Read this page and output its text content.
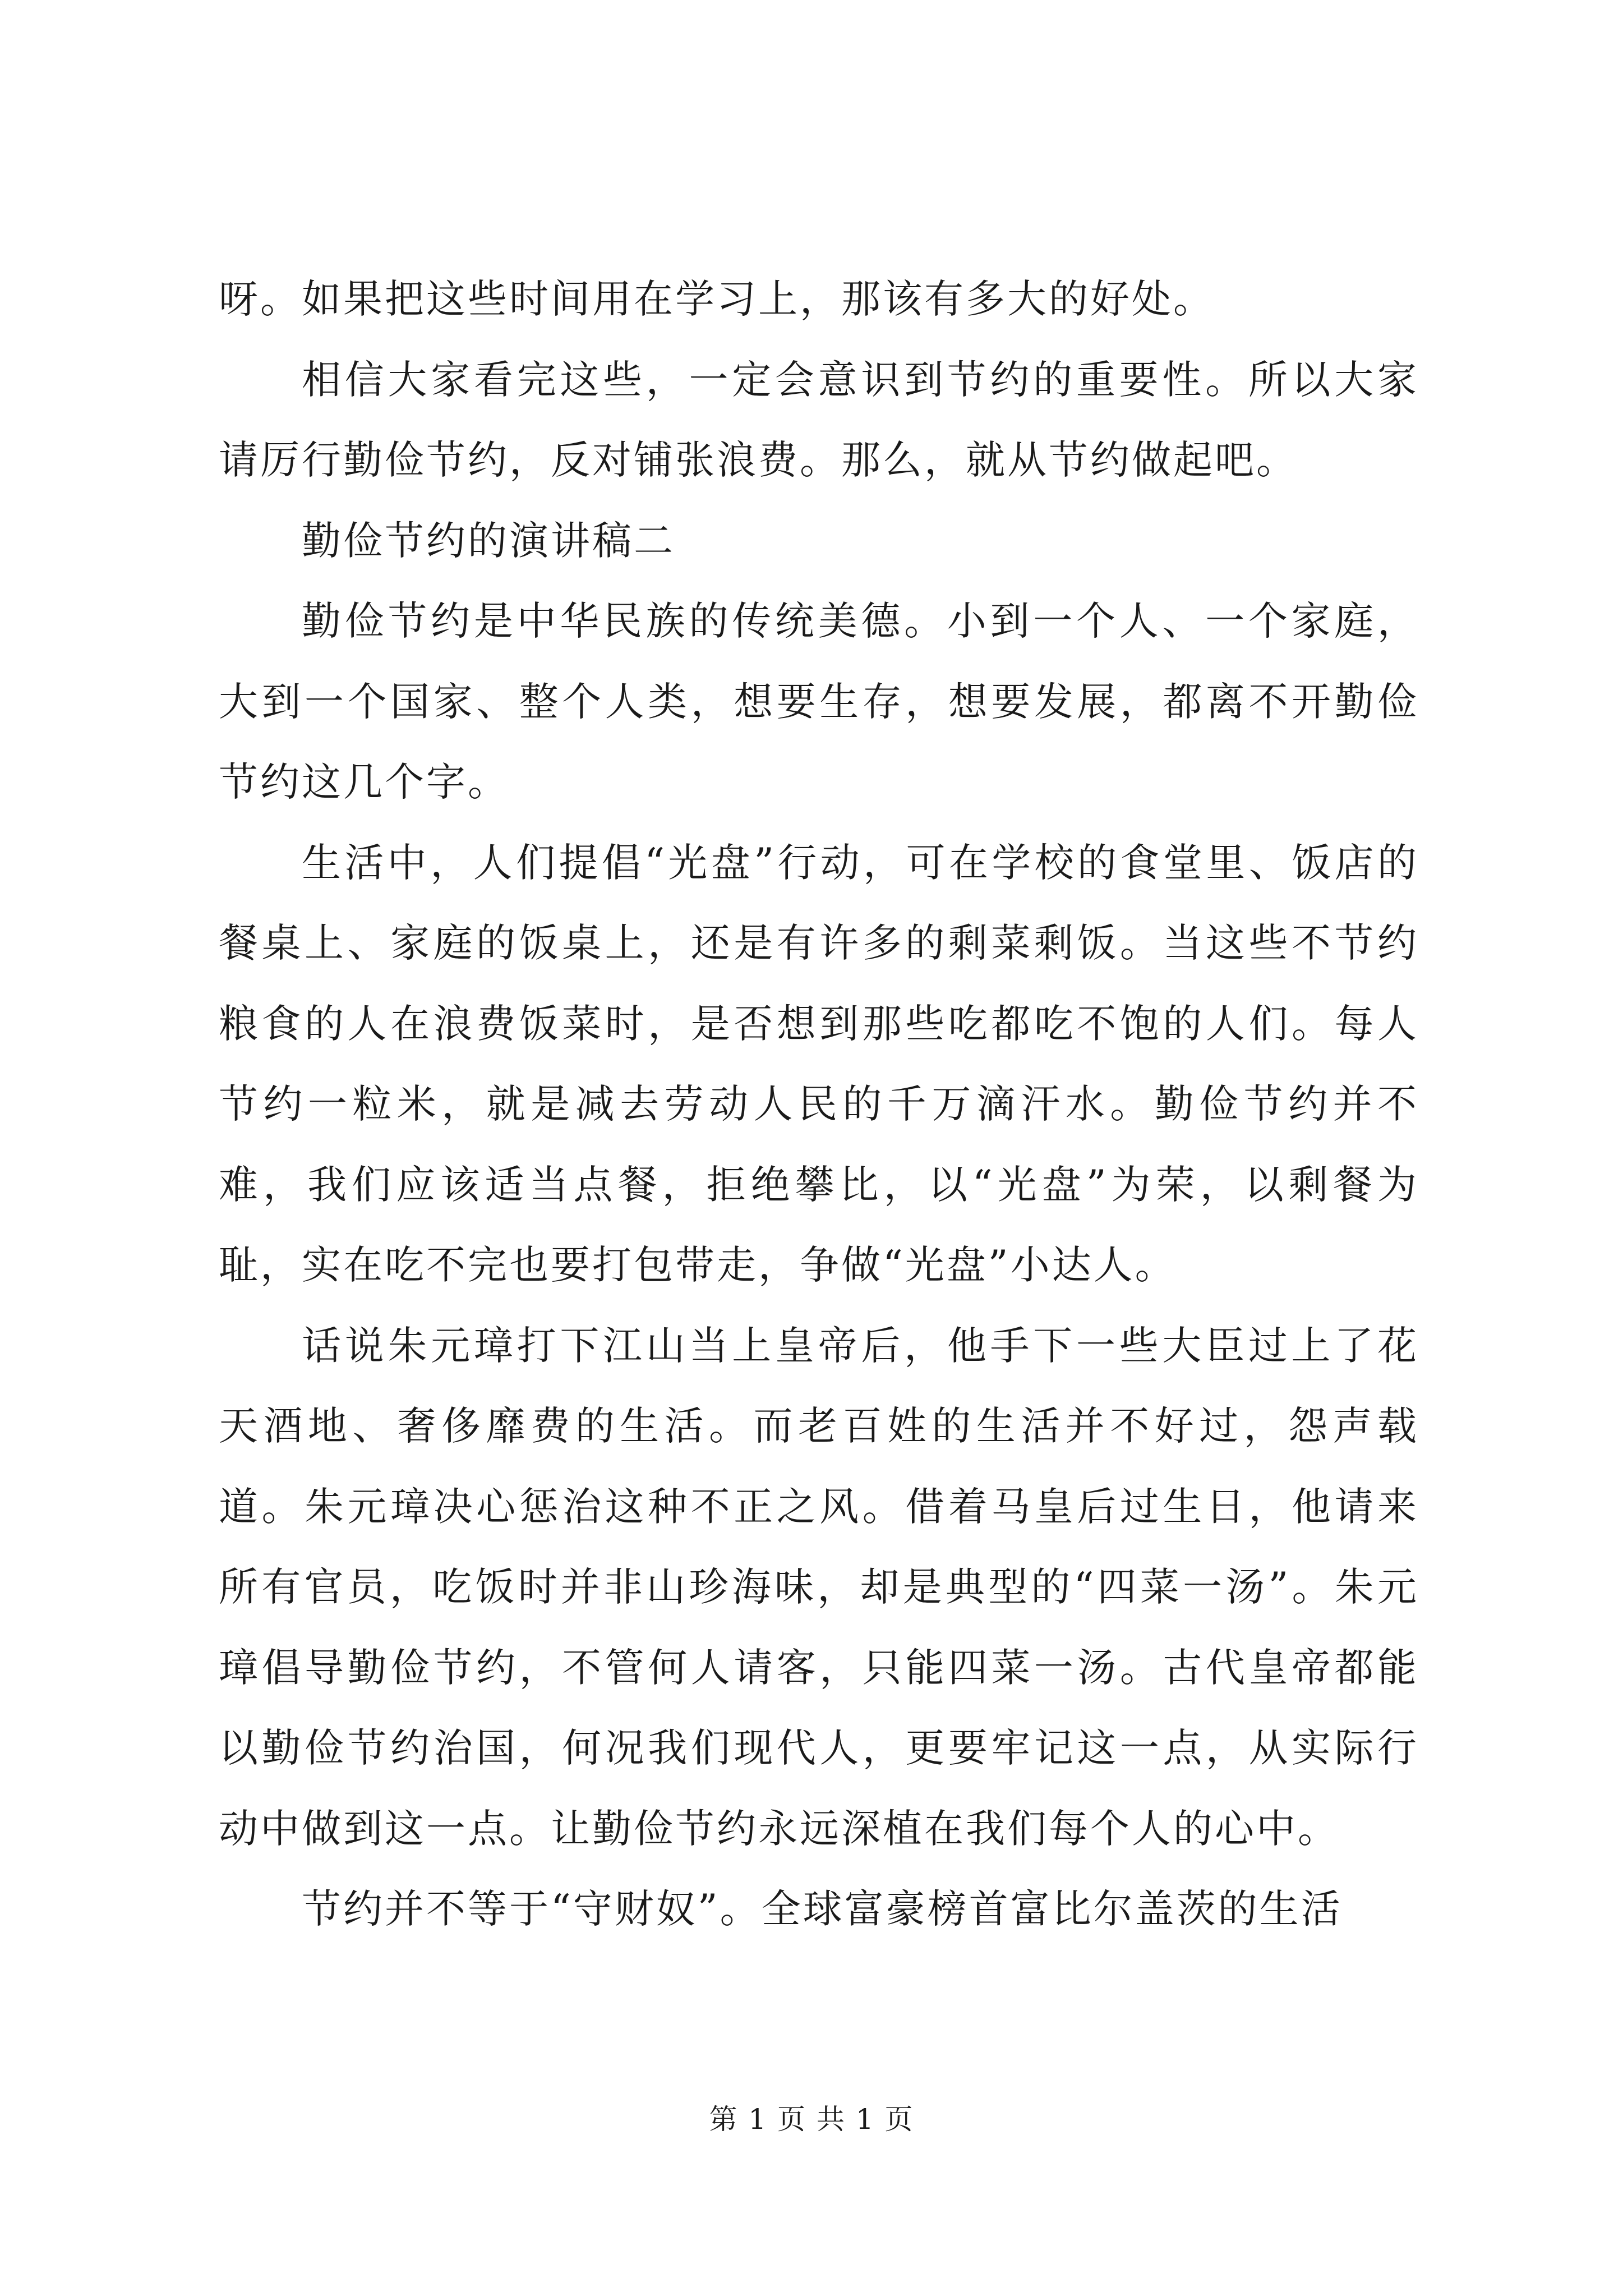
呀。如果把这些时间用在学习上，那该有多大的好处。

相信大家看完这些，一定会意识到节约的重要性。所以大家请厉行勤俭节约，反对铺张浪费。那么，就从节约做起吧。

勤俭节约的演讲稿二

勤俭节约是中华民族的传统美德。小到一个人、一个家庭，大到一个国家、整个人类，想要生存，想要发展，都离不开勤俭节约这几个字。

生活中，人们提倡“光盘”行动，可在学校的食堂里、饭店的餐桌上、家庭的饭桌上，还是有许多的剩菜剩饭。当这些不节约粮食的人在浪费饭菜时，是否想到那些吃都吃不饱的人们。每人节约一粒米，就是减去劳动人民的千万滴汗水。勤俭节约并不难，我们应该适当点餐，拒绝攀比，以“光盘”为荣，以剩餐为耻，实在吃不完也要打包带走，争做“光盘”小达人。

话说朱元璋打下江山当上皇帝后，他手下一些大臣过上了花天酒地、奢侈靡费的生活。而老百姓的生活并不好过，怨声载道。朱元璋决心惩治这种不正之风。借着马皇后过生日，他请来所有官员，吃饭时并非山珍海味，却是典型的“四菜一汤”。朱元璋倡导勤俭节约，不管何人请客，只能四菜一汤。古代皇帝都能以勤俭节约治国，何况我们现代人，更要牢记这一点，从实际行动中做到这一点。让勤俭节约永远深植在我们每个人的心中。

节约并不等于“守财奴”。全球富豪榜首富比尔盖茨的生活

第 1 页 共 1 页
